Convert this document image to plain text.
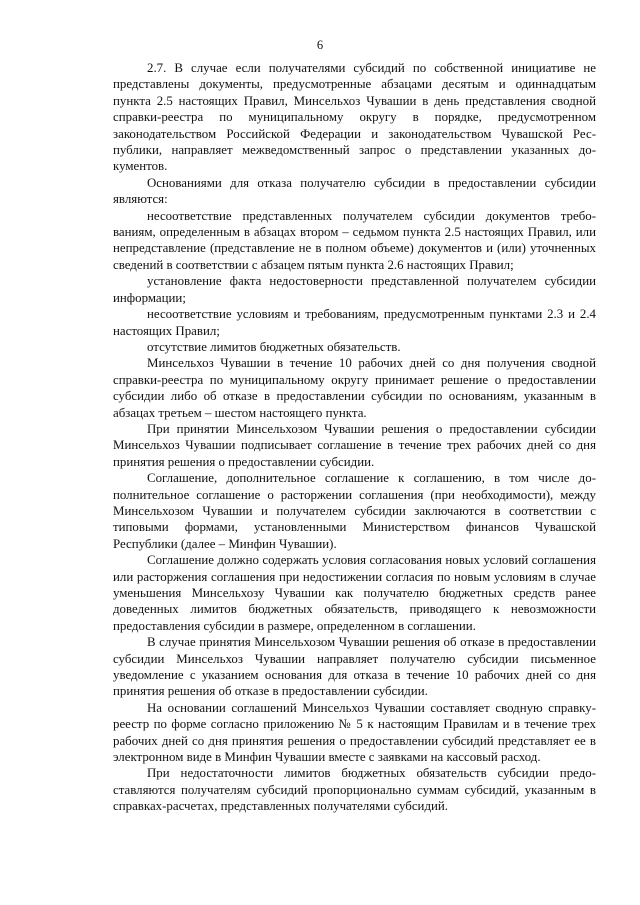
6

2.7. В случае если получателями субсидий по собственной инициативе не представлены документы, предусмотренные абзацами десятым и одиннадцатым пункта 2.5 настоящих Правил, Минсельхоз Чувашии в день представления сводной справки-реестра по муниципальному округу в порядке, предусмотренном законодательством Российской Федерации и законодательством Чувашской Республики, направляет межведомственный запрос о представлении указанных документов.

Основаниями для отказа получателю субсидии в предоставлении субсидии являются:

несоответствие представленных получателем субсидии документов требованиям, определенным в абзацах втором – седьмом пункта 2.5 настоящих Правил, или непредставление (представление не в полном объеме) документов и (или) уточненных сведений в соответствии с абзацем пятым пункта 2.6 настоящих Правил;

установление факта недостоверности представленной получателем субсидии информации;

несоответствие условиям и требованиям, предусмотренным пунктами 2.3 и 2.4 настоящих Правил;

отсутствие лимитов бюджетных обязательств.

Минсельхоз Чувашии в течение 10 рабочих дней со дня получения сводной справки-реестра по муниципальному округу принимает решение о предоставлении субсидии либо об отказе в предоставлении субсидии по основаниям, указанным в абзацах третьем – шестом настоящего пункта.

При принятии Минсельхозом Чувашии решения о предоставлении субсидии Минсельхоз Чувашии подписывает соглашение в течение трех рабочих дней со дня принятия решения о предоставлении субсидии.

Соглашение, дополнительное соглашение к соглашению, в том числе дополнительное соглашение о расторжении соглашения (при необходимости), между Минсельхозом Чувашии и получателем субсидии заключаются в соответствии с типовыми формами, установленными Министерством финансов Чувашской Республики (далее – Минфин Чувашии).

Соглашение должно содержать условия согласования новых условий соглашения или расторжения соглашения при недостижении согласия по новым условиям в случае уменьшения Минсельхозу Чувашии как получателю бюджетных средств ранее доведенных лимитов бюджетных обязательств, приводящего к невозможности предоставления субсидии в размере, определенном в соглашении.

В случае принятия Минсельхозом Чувашии решения об отказе в предоставлении субсидии Минсельхоз Чувашии направляет получателю субсидии письменное уведомление с указанием основания для отказа в течение 10 рабочих дней со дня принятия решения об отказе в предоставлении субсидии.

На основании соглашений Минсельхоз Чувашии составляет сводную справку-реестр по форме согласно приложению № 5 к настоящим Правилам и в течение трех рабочих дней со дня принятия решения о предоставлении субсидий представляет ее в электронном виде в Минфин Чувашии вместе с заявками на кассовый расход.

При недостаточности лимитов бюджетных обязательств субсидии предоставляются получателям субсидий пропорционально суммам субсидий, указанным в справках-расчетах, представленных получателями субсидий.
